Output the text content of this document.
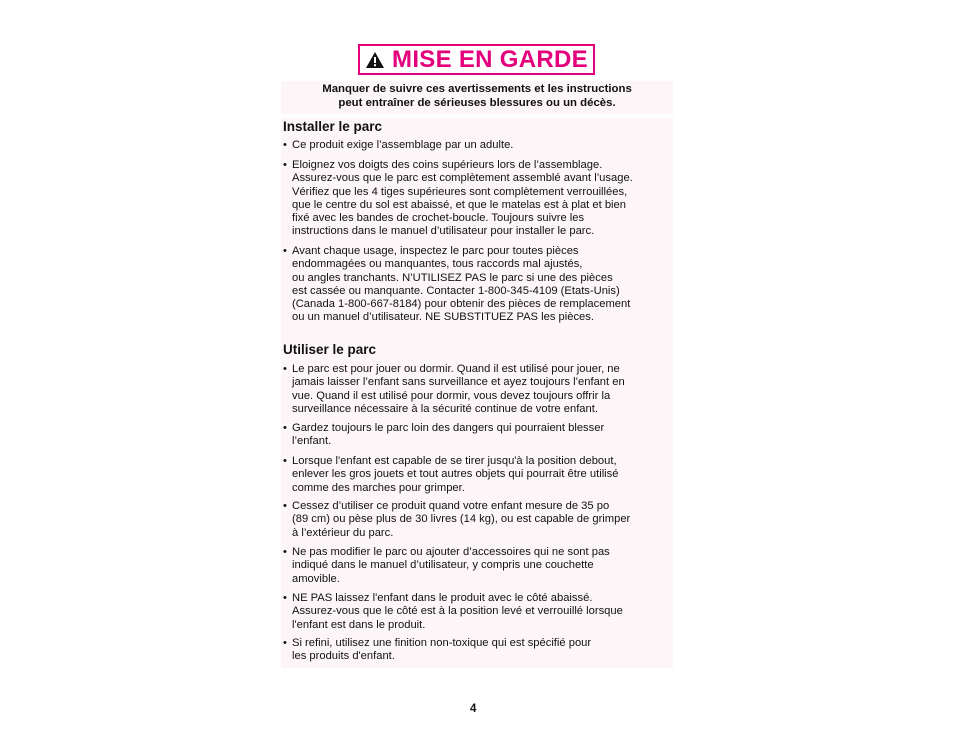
MISE EN GARDE
Manquer de suivre ces avertissements et les instructions
peut entraîner de sérieuses blessures ou un décès.
Installer le parc
• Ce produit exige l’assemblage par un adulte.
• Eloignez vos doigts des coins supérieurs lors de l’assemblage.
Assurez-vous que le parc est complètement assemblé avant l’usage.
Vérifiez que les 4 tiges supérieures sont complètement verrouillées,
que le centre du sol est abaissé, et que le matelas est à plat et bien
fixé avec les bandes de crochet-boucle. Toujours suivre les
instructions dans le manuel d’utilisateur pour installer le parc.
• Avant chaque usage, inspectez le parc pour toutes pièces
endommagées ou manquantes, tous raccords mal ajustés,
ou angles tranchants. N’UTILISEZ PAS le parc si une des pièces
est cassée ou manquante. Contacter 1-800-345-4109 (Etats-Unis)
(Canada 1-800-667-8184) pour obtenir des pièces de remplacement
ou un manuel d’utilisateur. NE SUBSTITUEZ PAS les pièces.
Utiliser le parc
• Le parc est pour jouer ou dormir. Quand il est utilisé pour jouer, ne
jamais laisser l’enfant sans surveillance et ayez toujours l’enfant en
vue. Quand il est utilisé pour dormir, vous devez toujours offrir la
surveillance nécessaire à la sécurité continue de votre enfant.
• Gardez toujours le parc loin des dangers qui pourraient blesser
l’enfant.
• Lorsque l'enfant est capable de se tirer jusqu'à la position debout,
enlever les gros jouets et tout autres objets qui pourrait être utilisé
comme des marches pour grimper.
• Cessez d’utiliser ce produit quand votre enfant mesure de 35 po
(89 cm) ou pèse plus de 30 livres (14 kg), ou est capable de grimper
à l’extérieur du parc.
• Ne pas modifier le parc ou ajouter d’accessoires qui ne sont pas
indiqué dans le manuel d’utilisateur, y compris une couchette
amovible.
• NE PAS laissez l'enfant dans le produit avec le côté abaissé.
Assurez-vous que le côté est à la position levé et verrouillé lorsque
l'enfant est dans le produit.
• Si refini, utilisez une finition non-toxique qui est spécifié pour
les produits d'enfant.
4
